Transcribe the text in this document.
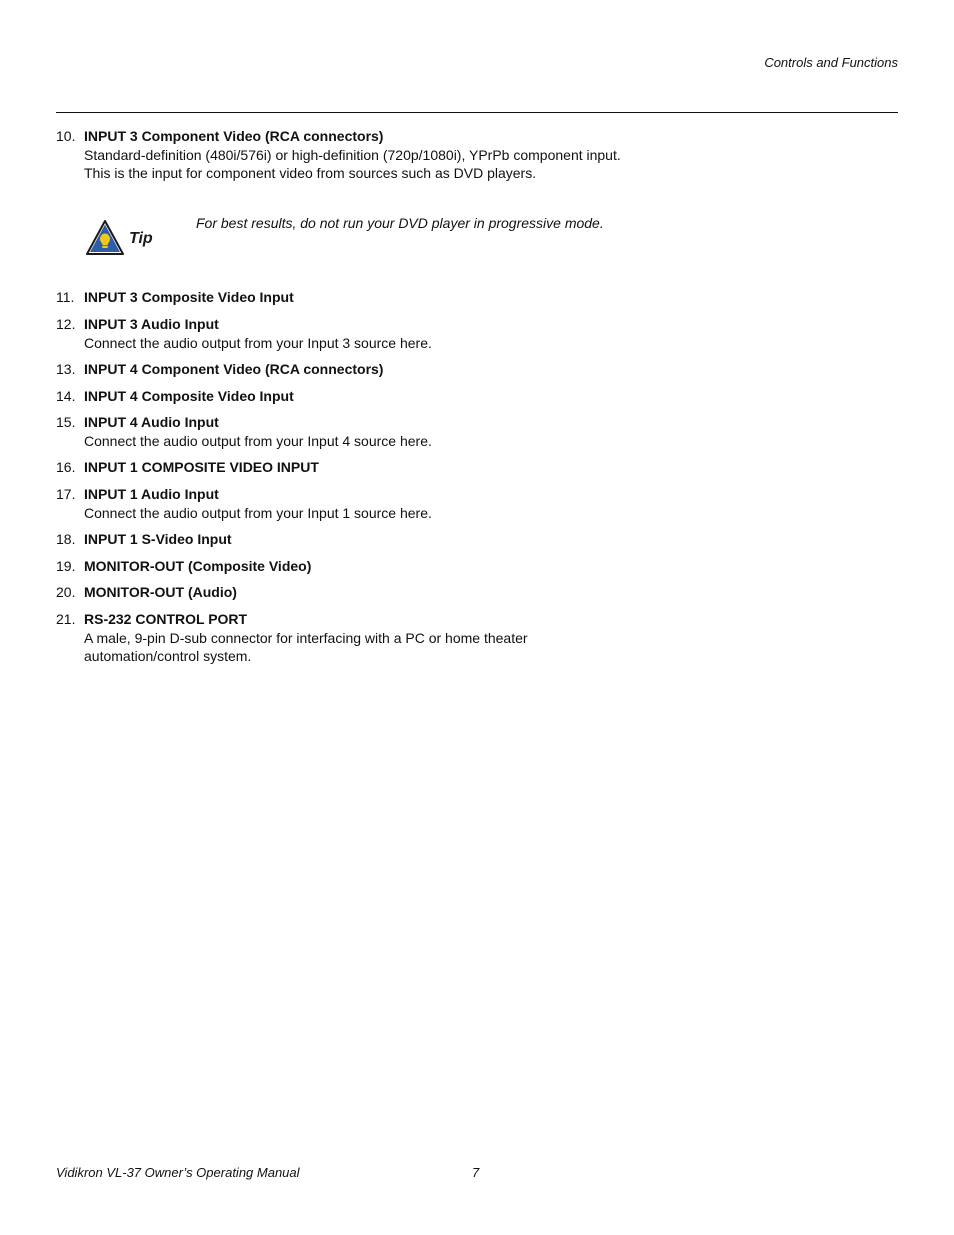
Controls and Functions
10. INPUT 3 Component Video (RCA connectors)
Standard-definition (480i/576i) or high-definition (720p/1080i), YPrPb component input.
This is the input for component video from sources such as DVD players.
Tip
For best results, do not run your DVD player in progressive mode.
11. INPUT 3 Composite Video Input
12. INPUT 3 Audio Input
Connect the audio output from your Input 3 source here.
13. INPUT 4 Component Video (RCA connectors)
14. INPUT 4 Composite Video Input
15. INPUT 4 Audio Input
Connect the audio output from your Input 4 source here.
16. INPUT 1 COMPOSITE VIDEO INPUT
17. INPUT 1 Audio Input
Connect the audio output from your Input 1 source here.
18. INPUT 1 S-Video Input
19. MONITOR-OUT (Composite Video)
20. MONITOR-OUT (Audio)
21. RS-232 CONTROL PORT
A male, 9-pin D-sub connector for interfacing with a PC or home theater
automation/control system.
Vidikron VL-37 Owner’s Operating Manual	7
